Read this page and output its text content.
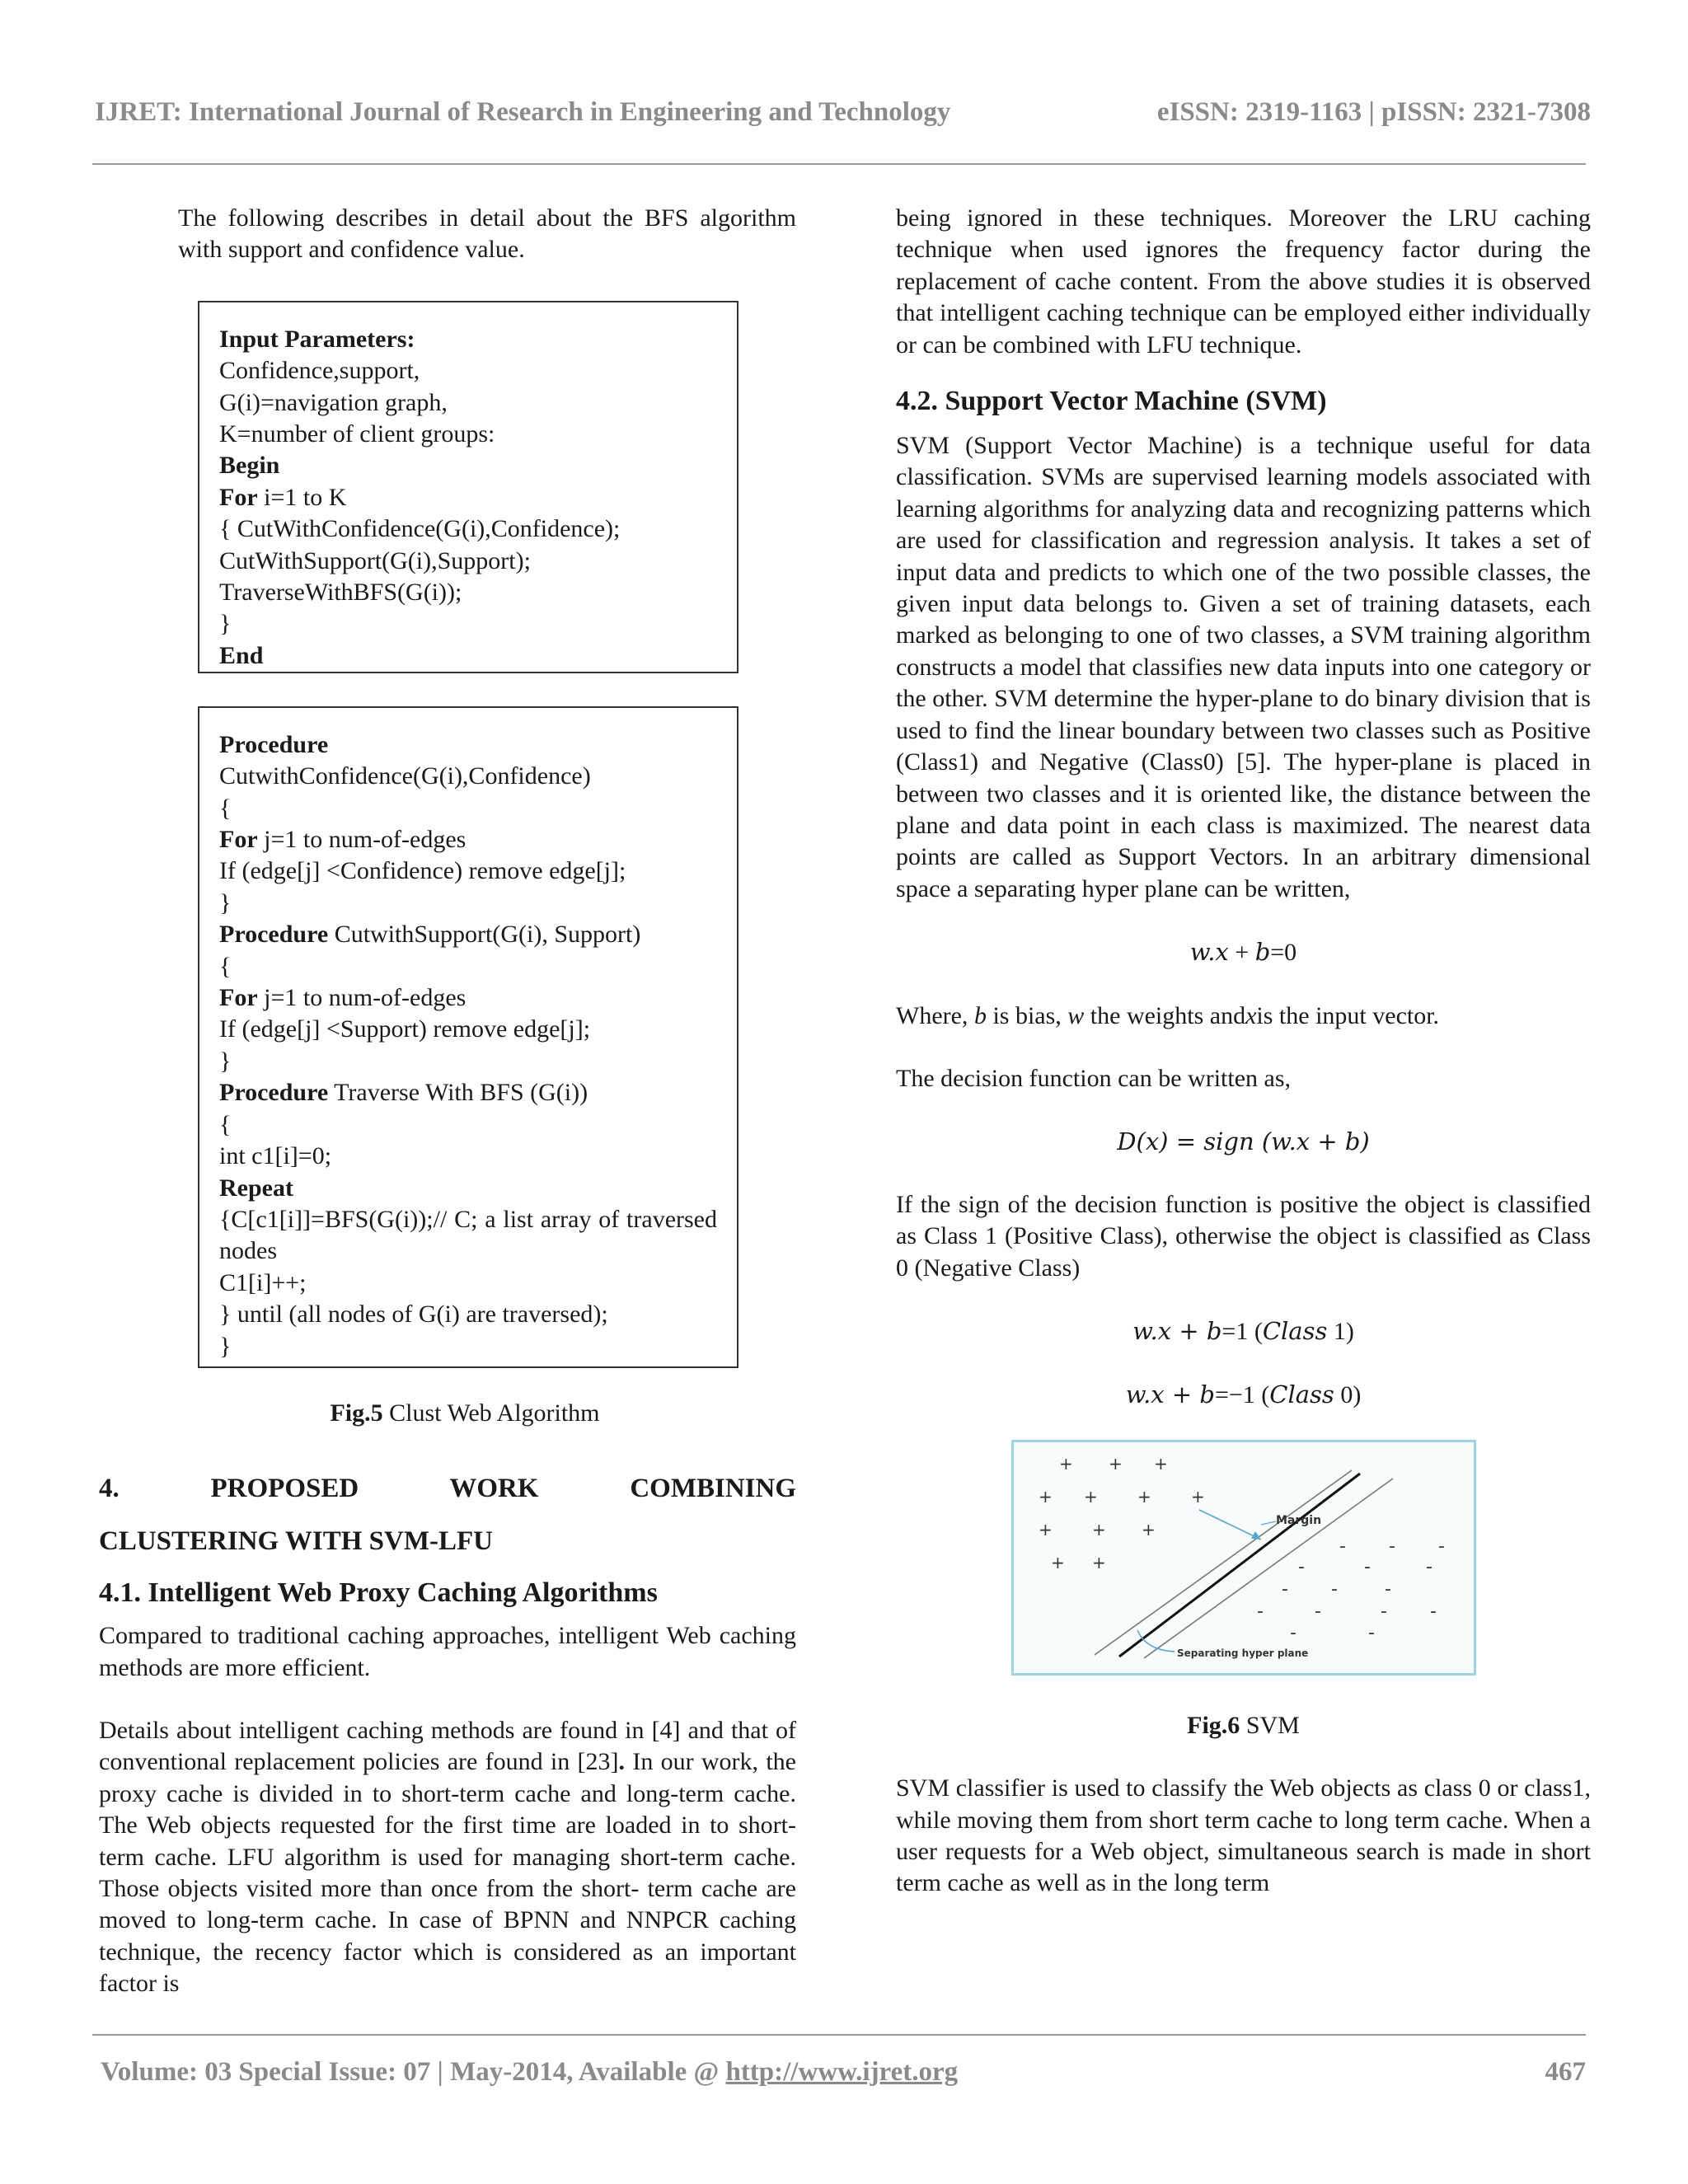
IJRET: International Journal of Research in Engineering and Technology	eISSN: 2319-1163 | pISSN: 2321-7308

The following describes in detail about the BFS algorithm with support and confidence value.

Input Parameters:
Confidence,support,
G(i)=navigation graph,
K=number of client groups:
Begin
For i=1 to K
{ CutWithConfidence(G(i),Confidence);
CutWithSupport(G(i),Support);
TraverseWithBFS(G(i));
}
End
Procedure
CutwithConfidence(G(i),Confidence)
{
For j=1 to num-of-edges
If (edge[j] <Confidence) remove edge[j];
}
Procedure CutwithSupport(G(i), Support)
{
For j=1 to num-of-edges
If (edge[j] <Support) remove edge[j];
}
Procedure Traverse With BFS (G(i))
{
int c1[i]=0;
Repeat
{C[c1[i]]=BFS(G(i));// C; a list array of traversed nodes
C1[i]++;
} until (all nodes of G(i) are traversed);
}
Fig.5 Clust Web Algorithm
4. PROPOSED WORK COMBINING
CLUSTERING WITH SVM-LFU
4.1. Intelligent Web Proxy Caching Algorithms

Compared to traditional caching approaches, intelligent Web caching methods are more efficient.

Details about intelligent caching methods are found in [4] and that of conventional replacement policies are found in [23]. In our work, the proxy cache is divided in to short-term cache and long-term cache. The Web objects requested for the first time are loaded in to short-term cache. LFU algorithm is used for managing short-term cache. Those objects visited more than once from the short- term cache are moved to long-term cache. In case of BPNN and NNPCR caching technique, the recency factor which is considered as an important factor is

being ignored in these techniques. Moreover the LRU caching technique when used ignores the frequency factor during the replacement of cache content. From the above studies it is observed that intelligent caching technique can be employed either individually or can be combined with LFU technique.

4.2. Support Vector Machine (SVM)

SVM (Support Vector Machine) is a technique useful for data classification. SVMs are supervised learning models associated with learning algorithms for analyzing data and recognizing patterns which are used for classification and regression analysis. It takes a set of input data and predicts to which one of the two possible classes, the given input data belongs to. Given a set of training datasets, each marked as belonging to one of two classes, a SVM training algorithm constructs a model that classifies new data inputs into one category or the other. SVM determine the hyper-plane to do binary division that is used to find the linear boundary between two classes such as Positive (Class1) and Negative (Class0) [5]. The hyper-plane is placed in between two classes and it is oriented like, the distance between the plane and data point in each class is maximized. The nearest data points are called as Support Vectors. In an arbitrary dimensional space a separating hyper plane can be written,

w.x + b=0

Where, b is bias, w the weights andxis the input vector.

The decision function can be written as,

D(x) = sign (w.x + b)

If the sign of the decision function is positive the object is classified as Class 1 (Positive Class), otherwise the object is classified as Class 0 (Negative Class)

w.x + b=1 (Class 1)
w.x + b=−1 (Class 0)
+ + +
+ + + +
+ + +
+ +
- - -
-	-	-
- -	-
-	-	- -
-	-
Margin
Separating hyper plane
Fig.6 SVM

SVM classifier is used to classify the Web objects as class 0 or class1, while moving them from short term cache to long term cache. When a user requests for a Web object, simultaneous search is made in short term cache as well as in the long term

Volume: 03 Special Issue: 07 | May-2014, Available @ http://www.ijret.org	467
